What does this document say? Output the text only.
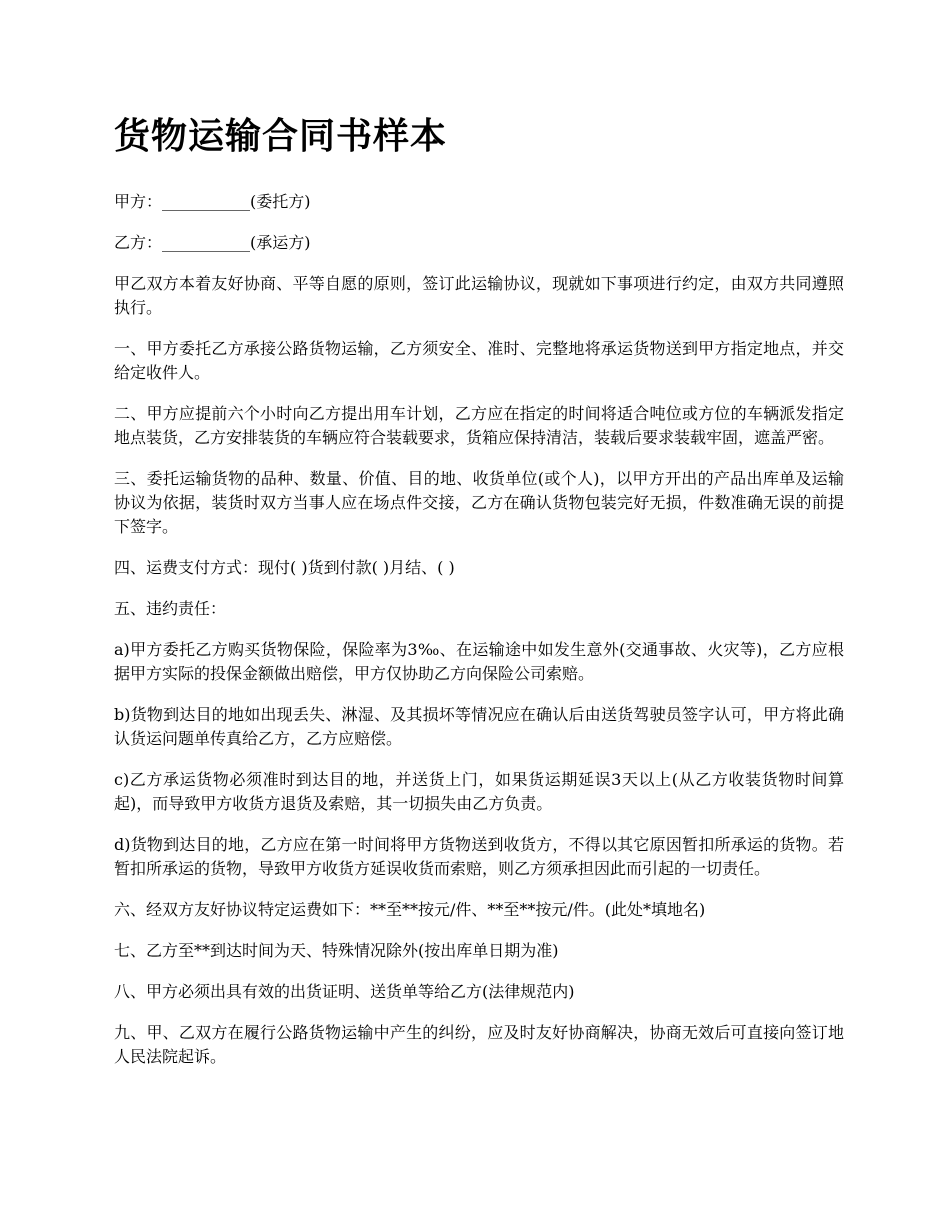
货物运输合同书样本

甲方：___________(委托方)

乙方：___________(承运方)

甲乙双方本着友好协商、平等自愿的原则，签订此运输协议，现就如下事项进行约定，由双方共同遵照执行。

一、甲方委托乙方承接公路货物运输，乙方须安全、准时、完整地将承运货物送到甲方指定地点，并交给定收件人。

二、甲方应提前六个小时向乙方提出用车计划，乙方应在指定的时间将适合吨位或方位的车辆派发指定地点装货，乙方安排装货的车辆应符合装载要求，货箱应保持清洁，装载后要求装载牢固，遮盖严密。

三、委托运输货物的品种、数量、价值、目的地、收货单位(或个人)，以甲方开出的产品出库单及运输协议为依据，装货时双方当事人应在场点件交接，乙方在确认货物包装完好无损，件数准确无误的前提下签字。

四、运费支付方式：现付( )货到付款( )月结、( )

五、违约责任：

a)甲方委托乙方购买货物保险，保险率为3‰、在运输途中如发生意外(交通事故、火灾等)，乙方应根据甲方实际的投保金额做出赔偿，甲方仅协助乙方向保险公司索赔。

b)货物到达目的地如出现丢失、淋湿、及其损坏等情况应在确认后由送货驾驶员签字认可，甲方将此确认货运问题单传真给乙方，乙方应赔偿。

c)乙方承运货物必须准时到达目的地，并送货上门，如果货运期延误3天以上(从乙方收装货物时间算起)，而导致甲方收货方退货及索赔，其一切损失由乙方负责。

d)货物到达目的地，乙方应在第一时间将甲方货物送到收货方，不得以其它原因暂扣所承运的货物。若暂扣所承运的货物，导致甲方收货方延误收货而索赔，则乙方须承担因此而引起的一切责任。

六、经双方友好协议特定运费如下：**至**按元/件、**至**按元/件。(此处*填地名)

七、乙方至**到达时间为天、特殊情况除外(按出库单日期为准)

八、甲方必须出具有效的出货证明、送货单等给乙方(法律规范内)

九、甲、乙双方在履行公路货物运输中产生的纠纷，应及时友好协商解决，协商无效后可直接向签订地人民法院起诉。
